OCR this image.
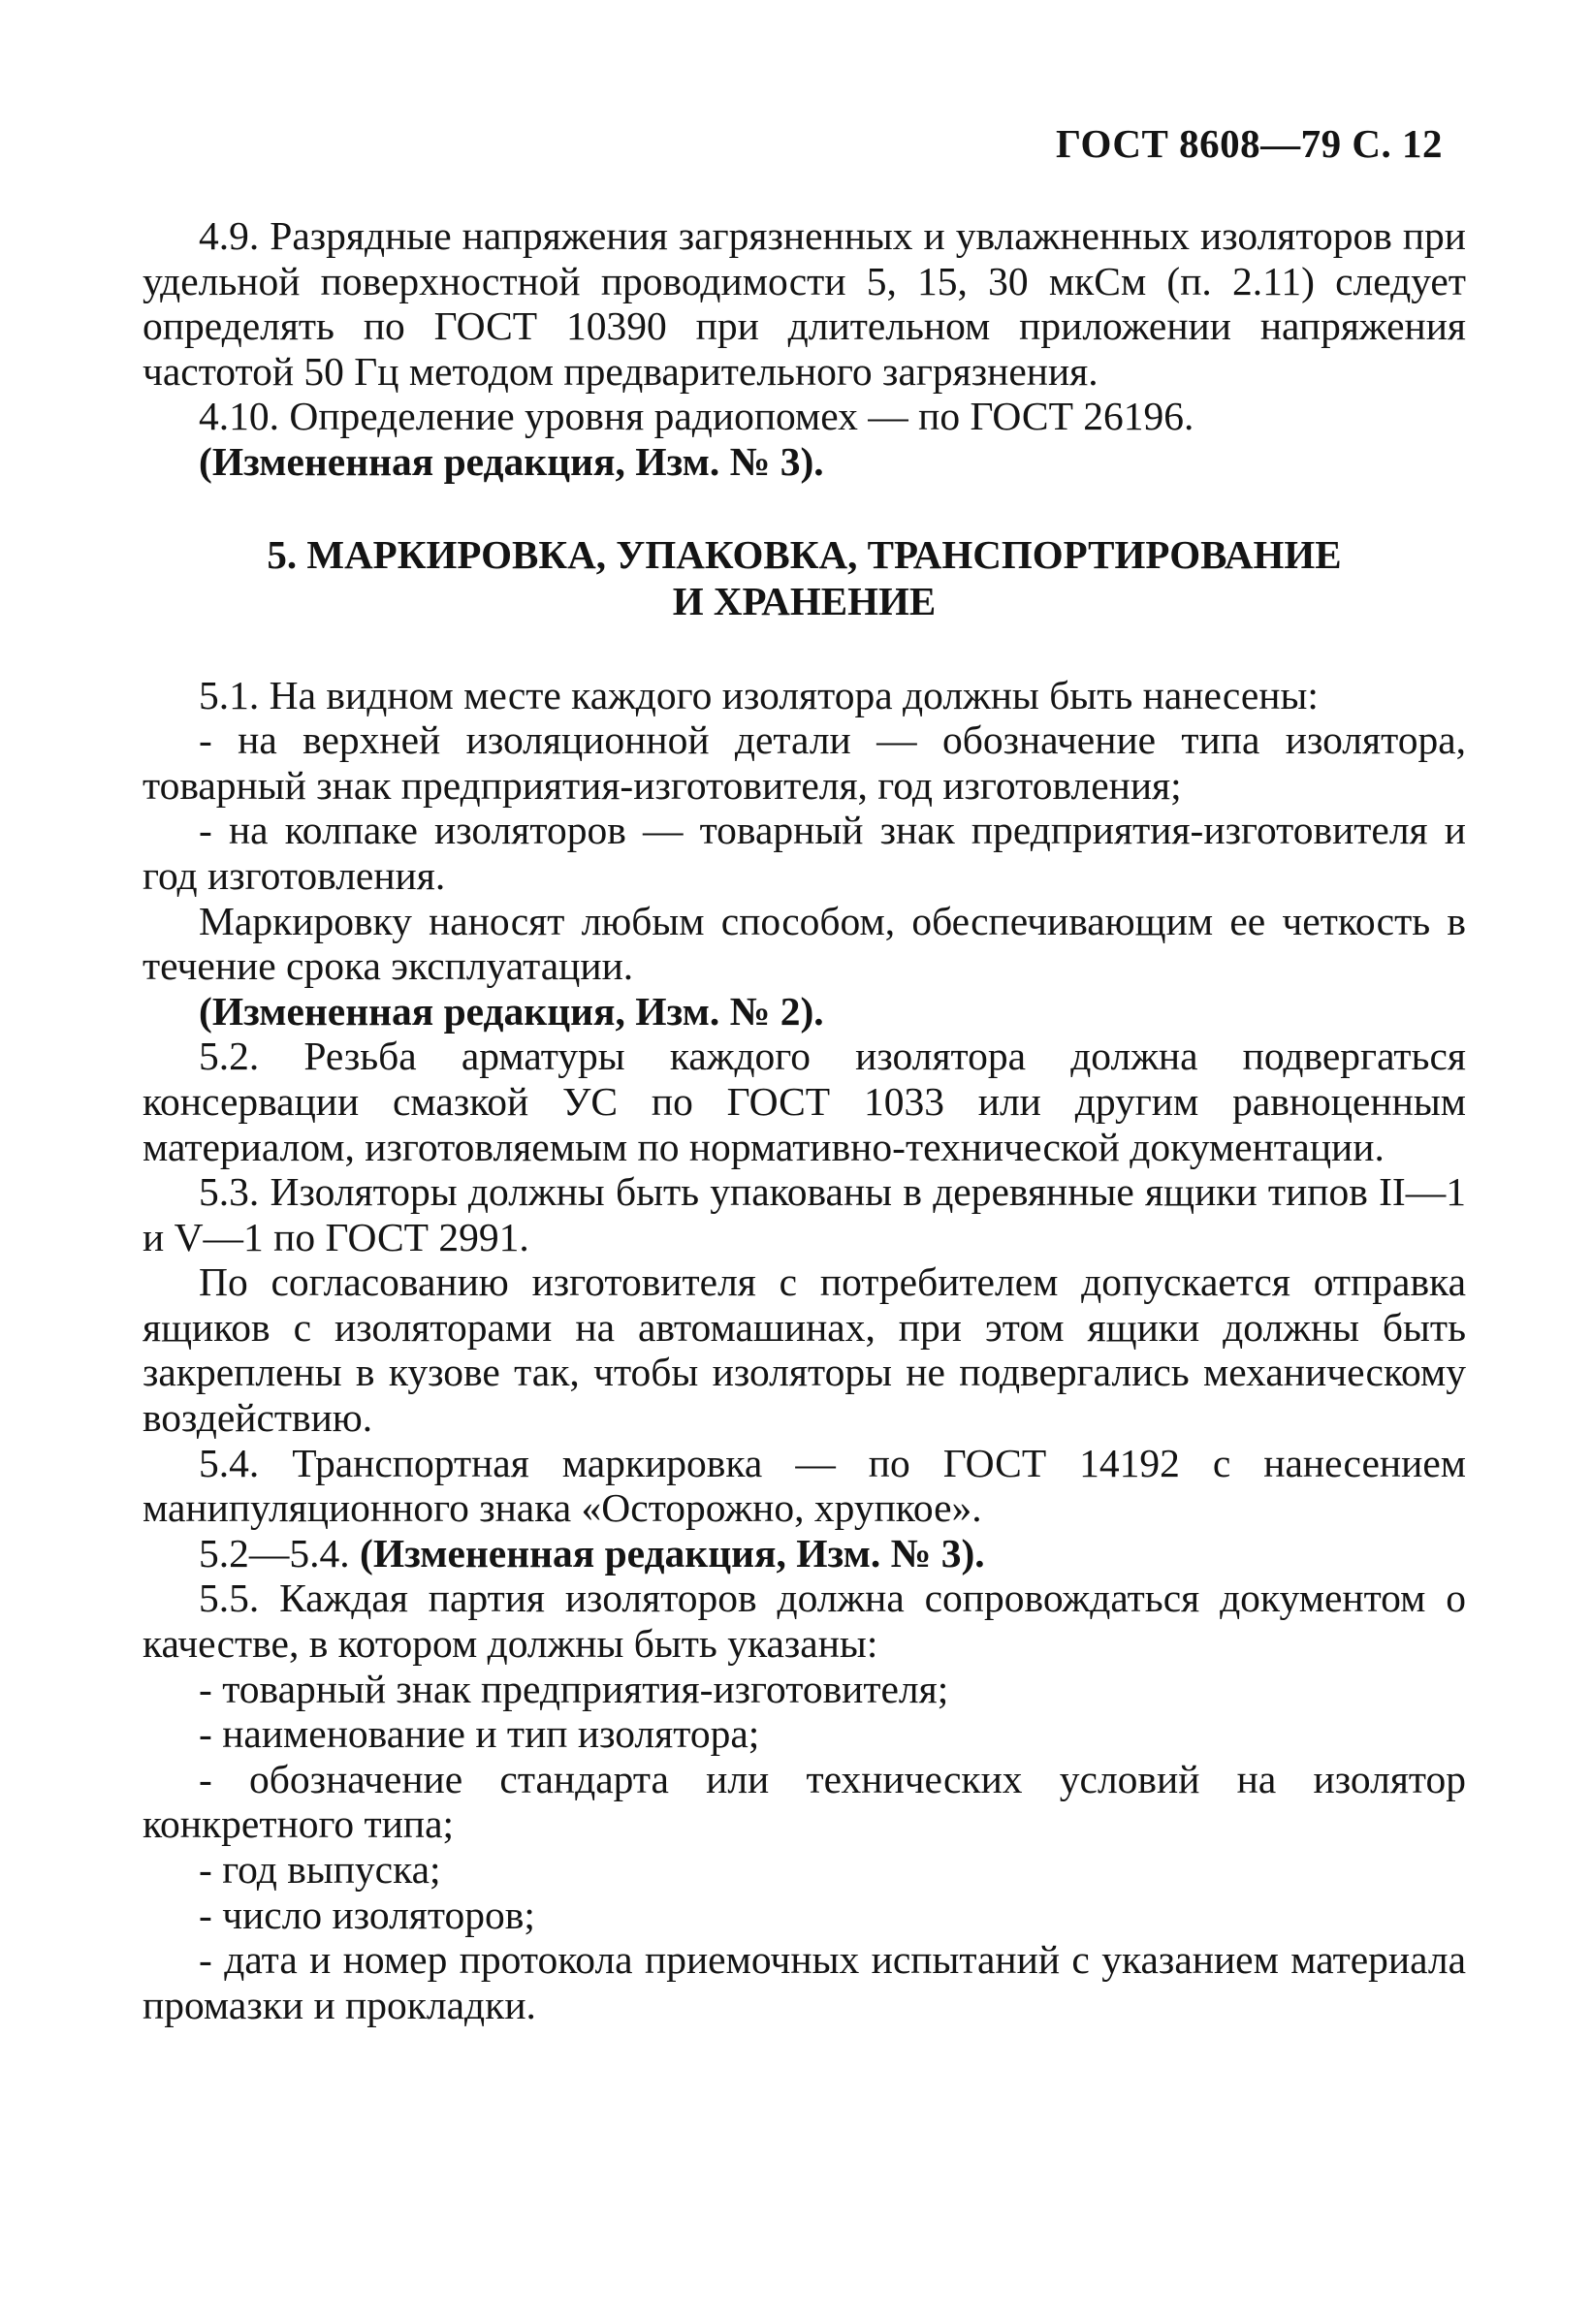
ГОСТ 8608—79 С. 12

4.9. Разрядные напряжения загрязненных и увлажненных изоляторов при удельной поверхностной проводимости 5, 15, 30 мкСм (п. 2.11) следует определять по ГОСТ 10390 при длительном приложении напряжения частотой 50 Гц методом предварительного загрязнения.

4.10. Определение уровня радиопомех — по ГОСТ 26196.

(Измененная редакция, Изм. № 3).

5. МАРКИРОВКА, УПАКОВКА, ТРАНСПОРТИРОВАНИЕ
И ХРАНЕНИЕ

5.1. На видном месте каждого изолятора должны быть нанесены:

- на верхней изоляционной детали — обозначение типа изолятора, товарный знак предприятия-изготовителя, год изготовления;

- на колпаке изоляторов — товарный знак предприятия-изготовителя и год изготовления.

Маркировку наносят любым способом, обеспечивающим ее четкость в течение срока эксплуатации.

(Измененная редакция, Изм. № 2).

5.2. Резьба арматуры каждого изолятора должна подвергаться консервации смазкой УС по ГОСТ 1033 или другим равноценным материалом, изготовляемым по нормативно-технической документации.

5.3. Изоляторы должны быть упакованы в деревянные ящики типов II—1 и V—1 по ГОСТ 2991.

По согласованию изготовителя с потребителем допускается отправка ящиков с изоляторами на автомашинах, при этом ящики должны быть закреплены в кузове так, чтобы изоляторы не подвергались механическому воздействию.

5.4. Транспортная маркировка — по ГОСТ 14192 с нанесением манипуляционного знака «Осторожно, хрупкое».

5.2—5.4. (Измененная редакция, Изм. № 3).

5.5. Каждая партия изоляторов должна сопровождаться документом о качестве, в котором должны быть указаны:

- товарный знак предприятия-изготовителя;

- наименование и тип изолятора;

- обозначение стандарта или технических условий на изолятор конкретного типа;

- год выпуска;

- число изоляторов;

- дата и номер протокола приемочных испытаний с указанием материала промазки и прокладки.
